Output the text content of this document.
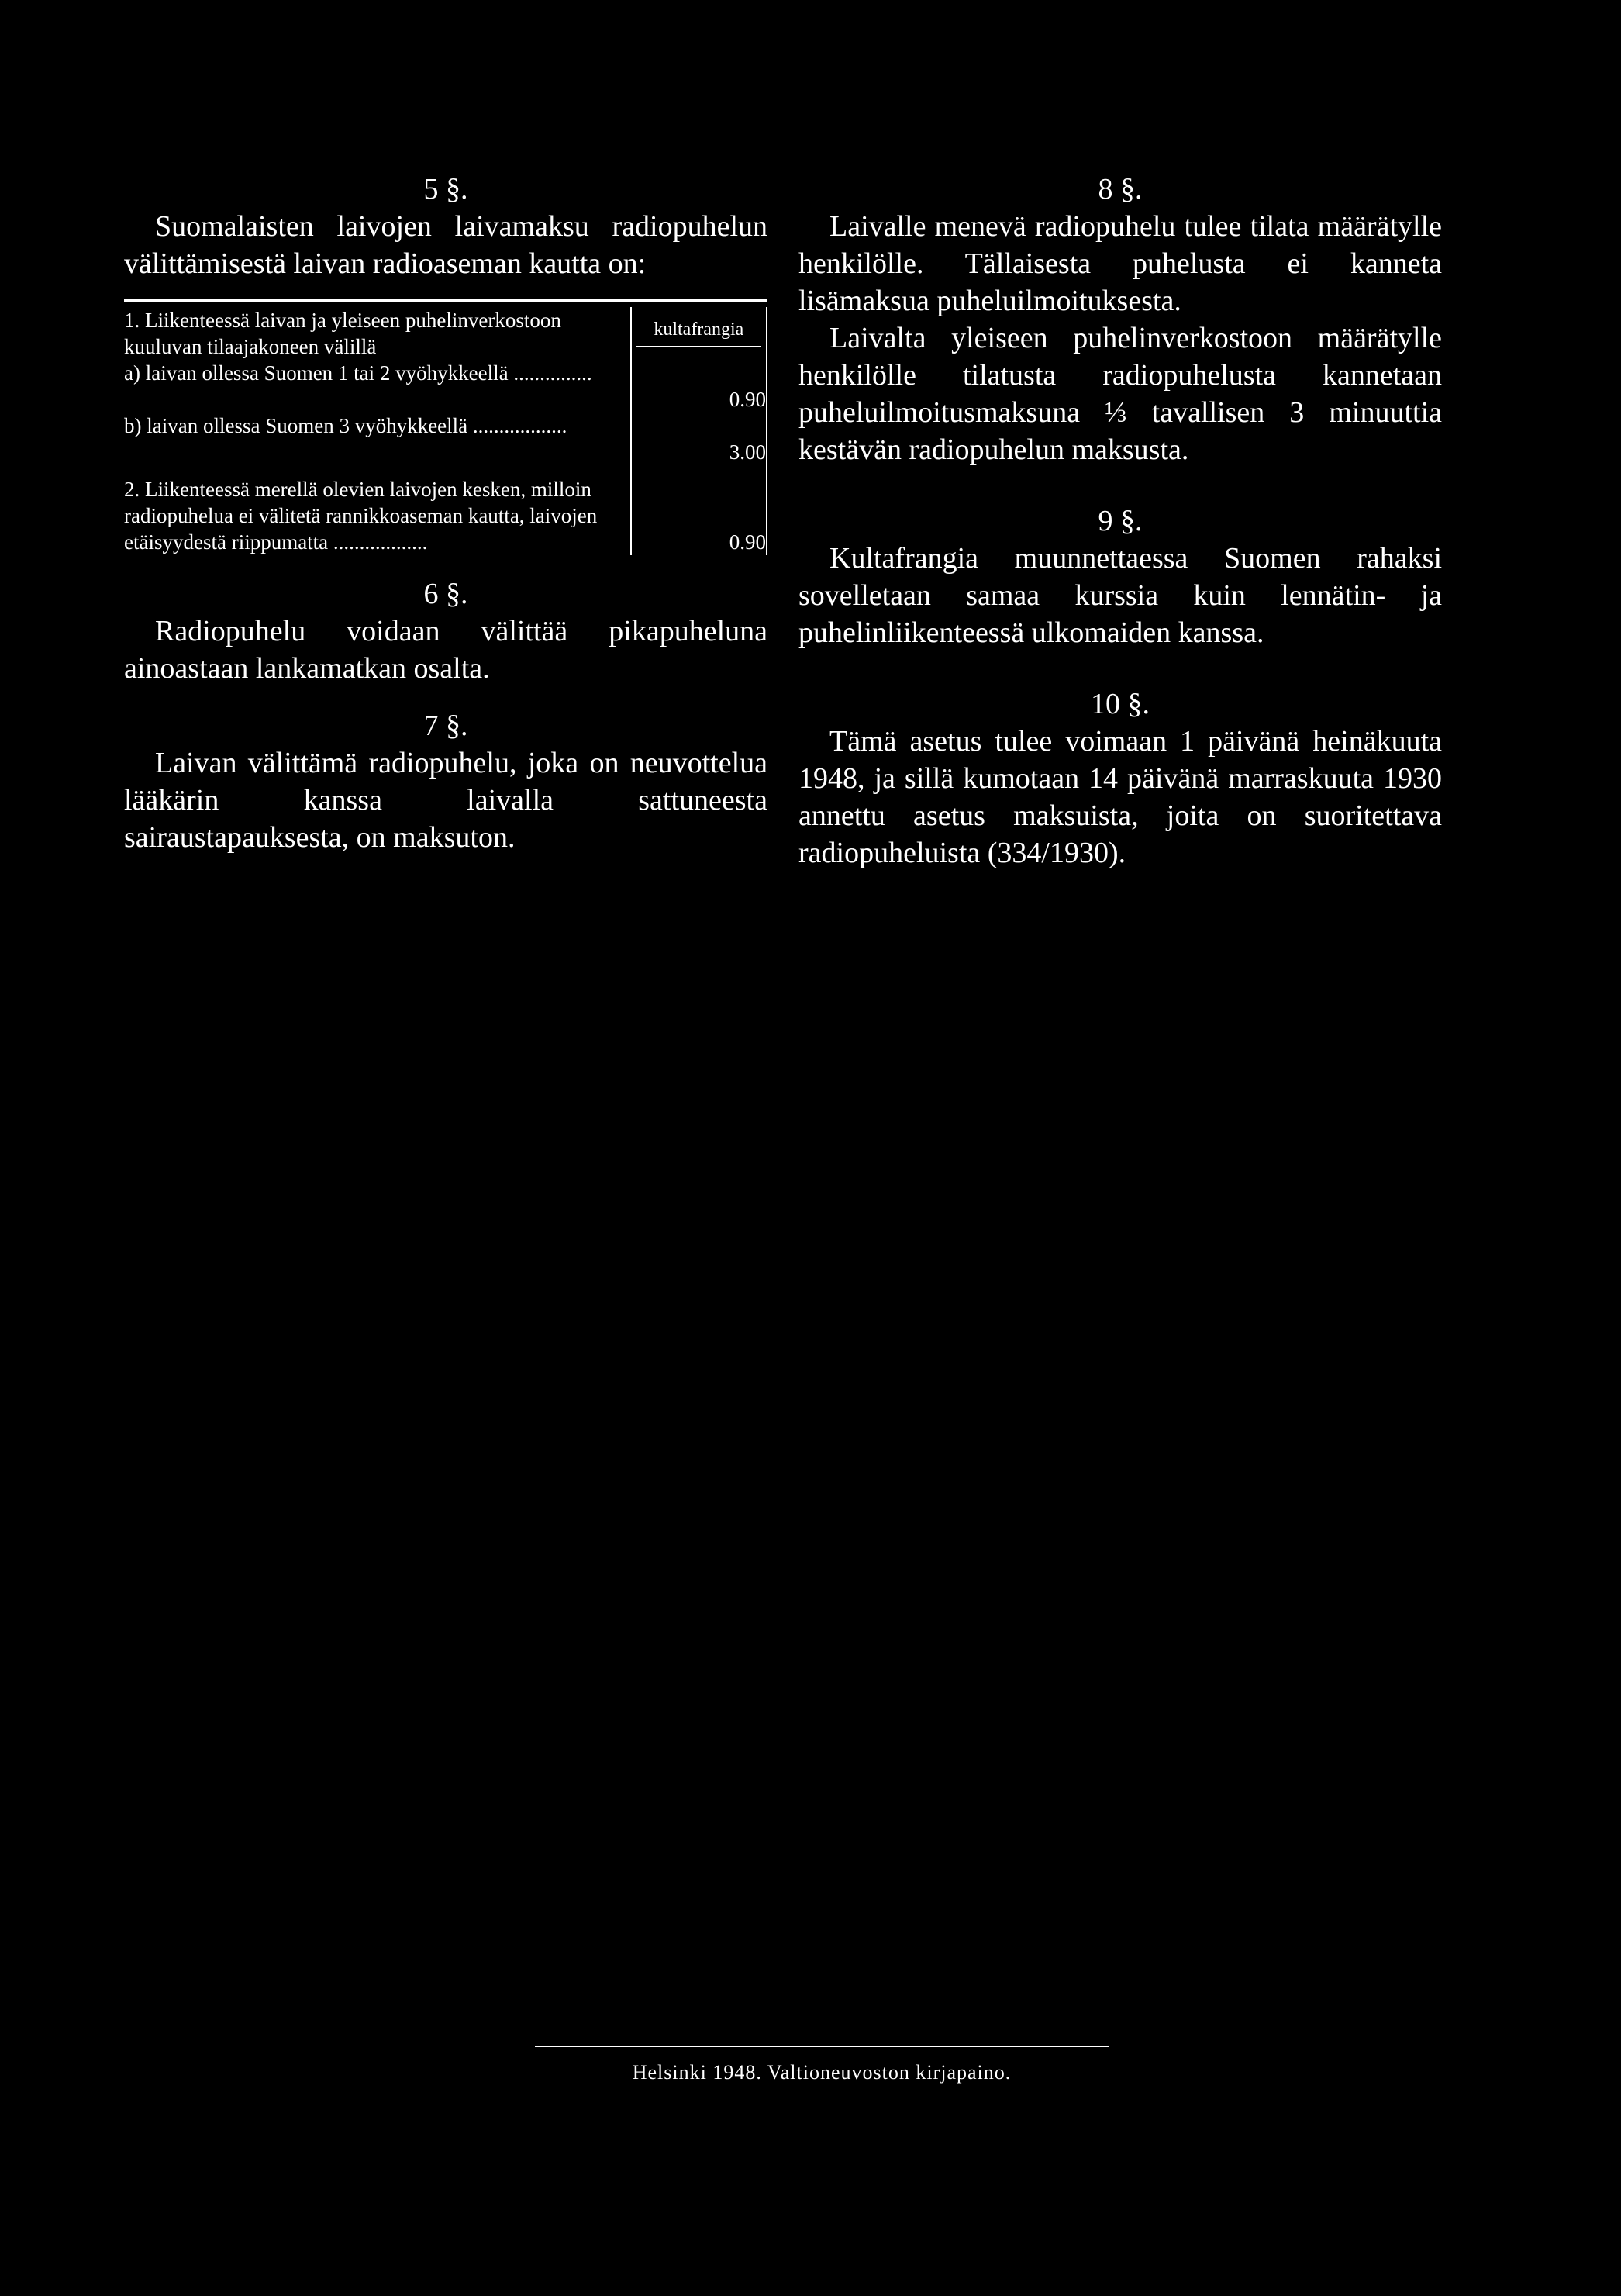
5 §.

Suomalaisten laivojen laivamaksu radiopuhelun välittämisestä laivan radioaseman kautta on:

1. Liikenteessä laivan ja yleiseen puhelinverkostoon kuuluvan tilaajakoneen välillä	kultafrangia

a) laivan ollessa Suomen 1 tai 2 vyöhykkeellä ...............	0.90

b) laivan ollessa Suomen 3 vyöhykkeellä ..................	3.00

2. Liikenteessä merellä olevien laivojen kesken, milloin radiopuhelua ei välitetä rannikkoaseman kautta, laivojen etäisyydestä riippumatta ..................	0.90

6 §.

Radiopuhelu voidaan välittää pikapuheluna ainoastaan lankamatkan osalta.

7 §.

Laivan välittämä radiopuhelu, joka on neuvottelua lääkärin kanssa laivalla sattuneesta sairaustapauksesta, on maksuton.

8 §.

Laivalle menevä radiopuhelu tulee tilata määrätylle henkilölle. Tällaisesta puhelusta ei kanneta lisämaksua puheluilmoituksesta.

Laivalta yleiseen puhelinverkostoon määrätylle henkilölle tilatusta radiopuhelusta kannetaan puheluilmoitusmaksuna ⅓ tavallisen 3 minuuttia kestävän radiopuhelun maksusta.

9 §.

Kultafrangia muunnettaessa Suomen rahaksi sovelletaan samaa kurssia kuin lennätin- ja puhelinliikenteessä ulkomaiden kanssa.

10 §.

Tämä asetus tulee voimaan 1 päivänä heinäkuuta 1948, ja sillä kumotaan 14 päivänä marraskuuta 1930 annettu asetus maksuista, joita on suoritettava radiopuheluista (334/1930).

Helsinki 1948. Valtioneuvoston kirjapaino.
